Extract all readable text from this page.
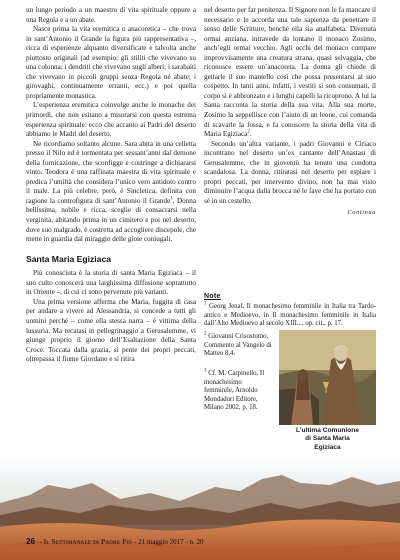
un lungo periodo a un maestro di vita spirituale oppure a una Regola e a un abate.

Nasce prima la vita eremitica o anacoretica – che trova in sant’Antonio il Grande la figura più rappresentativa –, ricca di esperienze alquanto diversificate e talvolta anche piuttosto originali (ad esempio: gli stiliti che vivevano su una colonna; i dendriti che vivevano sugli alberi; i sarabaiti che vivevano in piccoli gruppi senza Regola né abate; i girovaghi, continuamente erranti, ecc.) e poi quella propriamente monastica.

L’esperienza eremitica coinvolge anche le monache dei primordi, che non esitano a misurarsi con questa estrema esperienza spirituale: ecco che accanto ai Padri del deserto abbiamo le Madri del deserto.

Ne ricordiamo soltanto alcune. Sara abita in una celletta presso il Nilo ed è tormentata per sessant’anni dal demone della fornicazione, che sconfigge e costringe a dichiararsi vinto. Teodora è una raffinata maestra di vita spirituale e predica l’umiltà che considera l’unico vero antidoto contro il male. La più celebre, però, è Sincletica, definita con ragione la controfigura di sant’Antonio il Grande$^1$. Donna bellissima, nobile e ricca, sceglie di consacrarsi nella verginità, abitando prima in un cimitero e poi nel deserto, dove suo malgrado, è costretta ad accogliere discepole, che mette in guardia dal miraggio delle gioie coniugali.

Santa Maria Egiziaca

Più conosciuta è la storia di santa Maria Egiziaca – il suo culto conoscerà una larghissima diffusione soprattutto in Oriente –, di cui ci sono pervenute più varianti.

Una prima versione afferma che Maria, fuggita di casa per andare a vivere ad Alessandria, si concede a tutti gli uomini perché – come ella stessa narra – è vittima della lussuria. Ma recatasi in pellegrinaggio a Gerusalemme, vi giunge proprio il giorno dell’Esaltazione della Santa Croce. Toccata dalla grazia, si pente dei propri peccati, oltrepassa il fiume Giordano e si ritira

nel deserto per far penitenza. Il Signore non le fa mancare il necessario e le accorda una tale sapienza da penetrare il senso delle Scritture, benché ella sia analfabeta. Divenuta ormai anziana, intravede da lontano il monaco Zosimo, anch’egli ormai vecchio. Agli occhi del monaco compare improvvisamente una creatura strana, quasi selvaggia, che riconosce essere un’anacoreta. La donna gli chiede di gettarle il suo mantello così che possa presentarsi al suo cospetto. In tanti anni, infatti, i vestiti si son consumati, il corpo si è abbronzato e i lunghi capelli la ricoprono. A lui la Santa racconta la storia della sua vita. Alla sua morte, Zosimo la seppellisce con l’aiuto di un leone, cui comanda di scavarle la fossa, e fa conoscere la storia della vita di Maria Egiziaca$^2$.

Secondo un’altra variante, i padri Giovanni e Ciriaco incontrano nel deserto un’ex cantante dell’Anastasi di Gerusalemme, che in gioventù ha tenuto una condotta scandalosa. La donna, ritiratasi nel deserto per espiare i propri peccati, per intervento divino, non ha mai visto diminuire l’acqua dalla brocca né le fave che ha portato con sé in un cestello.

Continua
Note
$^1$ Georg Jenal, Il monachesimo femminile in Italia tra Tardo-antico e Medioevo, in Il monachesimo femminile in Italia dall’Alto Medioevo al secolo XIII..., op. cit., p. 17.
$^2$ Giovanni Crisostomo, Commento al Vangelo di Matteo 8,4.
$^3$ Cf. M. Carpinello, Il monachesimo femminile, Arnoldo Mondadori Editore, Milano 2002, p. 18.
L’ultima Comunione
di Santa Maria
Egiziaca
26 - Il Settimanale di Padre Pio - 21 maggio 2017 - n. 20
